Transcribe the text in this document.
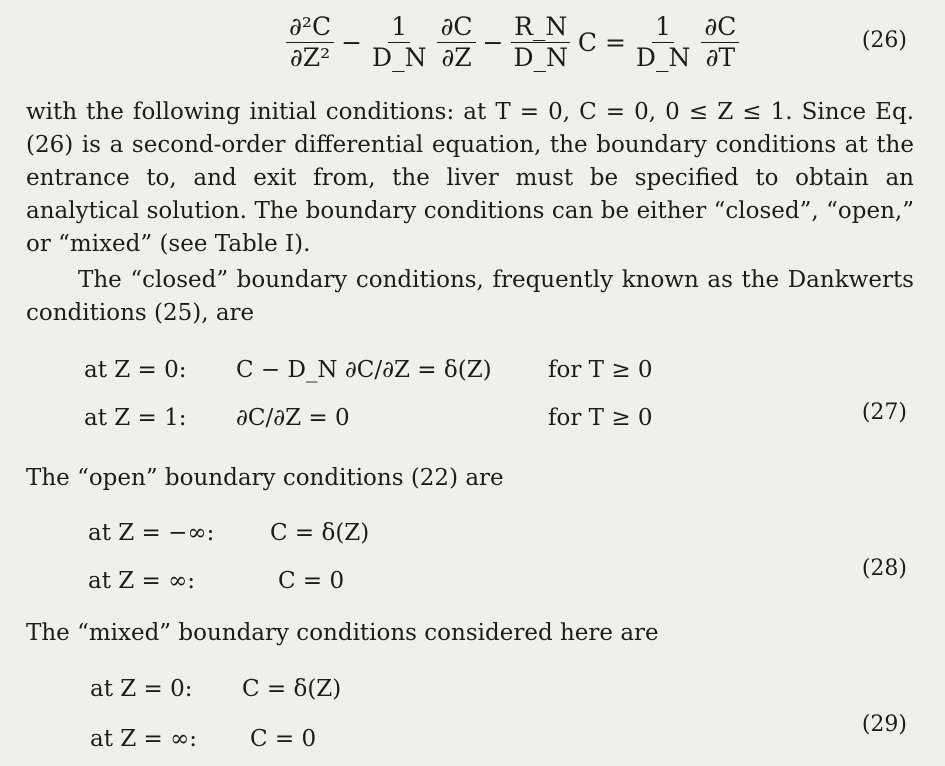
$\frac{\text{∂²C}}{\text{∂Z²}} - \frac{1}{D\_N} \frac{\partial C}{\partial Z} - \frac{R\_N}{D\_N}$ $C = \frac{1}{D\_N} \frac{\partial C}{\partial T}$	(26)

with the following initial conditions: at T = 0, C = 0, 0 ≤ Z ≤ 1. Since Eq. (26) is a second-order differential equation, the boundary conditions at the entrance to, and exit from, the liver must be specified to obtain an analytical solution. The boundary conditions can be either “closed”, “open,” or “mixed” (see Table I).

The “closed” boundary conditions, frequently known as the Dankwerts conditions (25), are

at Z = 0: C − D_N ∂C/∂Z = δ(Z) for T ≥ 0
at Z = 1: ∂C/∂Z = 0	for T ≥ 0	(27)

The “open” boundary conditions (22) are

at Z = −∞: C = δ(Z)
at Z = ∞:	C = 0	(28)

The “mixed” boundary conditions considered here are

at Z = 0: C = δ(Z)
at Z = ∞: C = 0
(29)
